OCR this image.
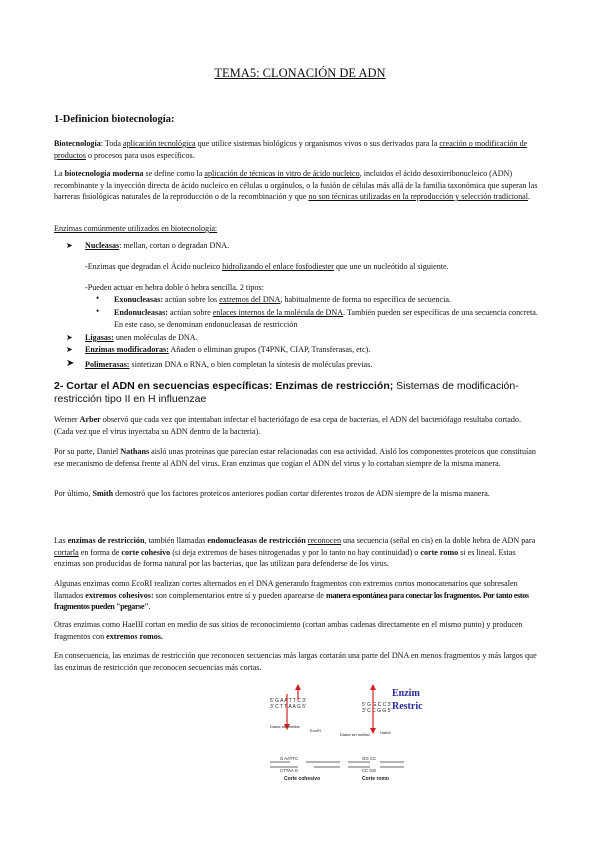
TEMA5: CLONACIÓN DE ADN
1-Definicion biotecnología:

Biotecnología: Toda aplicación tecnológica que utilice sistemas biológicos y organismos vivos o sus derivados para la creación o modificación de productos o procesos para usos específicos.

La biotecnología moderna se define como la aplicación de técnicas in vitro de ácido nucleico, incluidos el ácido desoxirribonucleico (ADN) recombinante y la inyección directa de ácido nucleico en células u orgánulos, o la fusión de células más allá de la familia taxonómica que superan las barreras fisiológicas naturales de la reproducción o de la recombinación y que no son técnicas utilizadas en la reproducción y selección tradicional.

Enzimas comúnmente utilizados en biotecnología:

➤ Nucleasas: mellan, cortan o degradan DNA.
-Enzimas que degradan el Ácido nucleico hidrolizando el enlace fosfodiester que une un nucleótido al siguiente.
-Pueden actuar en hebra doble ó hebra sencilla. 2 tipos:
• Exonucleasas: actúan sobre los extremos del DNA, habitualmente de forma no específica de secuencia.
• Endonucleasas: actúan sobre enlaces internos de la molécula de DNA. También pueden ser específicas de una secuencia concreta. En este caso, se denominan endonucleasas de restricción
➤ Ligasas: unen moléculas de DNA.
➤ Enzimas modificadoras: Añaden o eliminan grupos (T4PNK, CIAP, Transferasas, etc).
➤ Polimerasas: sintetizan DNA o RNA, o bien completan la síntesis de moléculas previas.
2- Cortar el ADN en secuencias específicas: Enzimas de restricción; Sistemas de modificación-restricción tipo II en H influenzae

Werner Arber observó que cada vez que intentaban infectar el bacteriófago de esa cepa de bacterias, el ADN del bacteriófago resultaba cortado. (Cada vez que el virus inyectaba su ADN dentro de la bacteria).

Por su parte, Daniel Nathans aisló unas proteínas que parecían estar relacionadas con esa actividad. Aisló los componentes proteicos que constituían ese mecanismo de defensa frente al ADN del virus. Eran enzimas que cogían el ADN del virus y lo cortaban siempre de la misma manera.

Por último, Smith demostró que los factores proteicos anteriores podían cortar diferentes trozos de ADN siempre de la misma manera.

Las enzimas de restricción, también llamadas endonucleasas de restricción reconocen una secuencia (señal en cis) en la doble hebra de ADN para cortarla en forma de corte cohesivo (si deja extremos de bases nitrogenadas y por lo tanto no hay continuidad) o corte romo si es lineal. Estas enzimas son producidas de forma natural por las bacterias, que las utilizan para defenderse de los virus.

Algunas enzimas como EcoRI realizan cortes alternados en el DNA generando fragmentos con extremos cortos monocatenarios que sobresalen llamados extremos cohesivos: son complementarios entre sí y pueden aparearse de manera espontánea para conectar los fragmentos. Por tanto estos fragmentos pueden "pegarse".

Otras enzimas como HaeIII cortan en medio de sus sitios de reconocimiento (cortan ambas cadenas directamente en el mismo punto) y producen fragmentos con extremos romos.

En consecuencia, las enzimas de restricción que reconocen secuencias más largas cortarán una parte del DNA en menos fragmentos y más largos que las enzimas de restricción que reconocen secuencias más cortas.

5' G A A T T C 3'
3' C T T A A G 5'
Diana sin metilar
EcoRI
G AATTC
CTTAA G
Corte cohesivo
5' G G C C 3'
3' C C G G 5'
Diana sin metilar	HaeIII
GG CC
CC GG
Corte romo
Enzim
Restric
